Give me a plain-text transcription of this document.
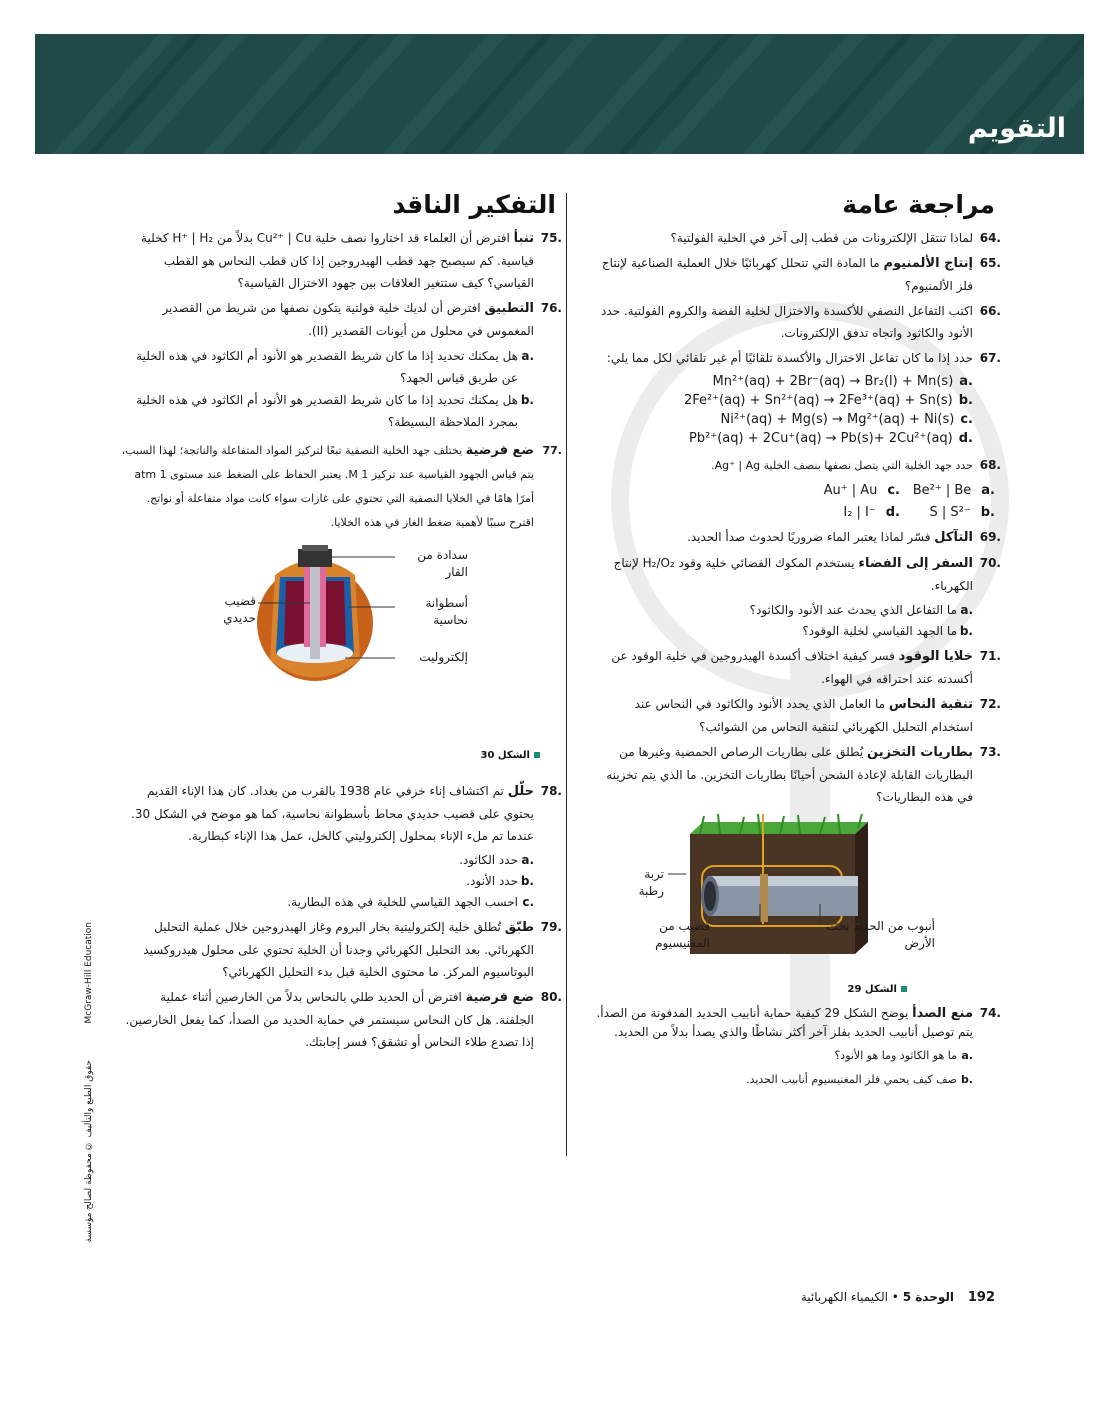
التقويم
مراجعة عامة
64.
لماذا تنتقل الإلكترونات من قطب إلى آخر في الخلية الفولتية؟
65.
إنتاج الألمنيوم ما المادة التي تتحلل كهربائيًا خلال العملية الصناعية لإنتاج فلز الألمنيوم؟
66.
اكتب التفاعل النصفي للأكسدة والاختزال لخلية الفضة والكروم الفولتية. حدد الأنود والكاثود واتجاه تدفق الإلكترونات.
67.
حدد إذا ما كان تفاعل الاختزال والأكسدة تلقائيًا أم غير تلقائي لكل مما يلي:
Mn²⁺(aq) + 2Br⁻(aq) → Br₂(l) + Mn(s) a.
2Fe²⁺(aq) + Sn²⁺(aq) → 2Fe³⁺(aq) + Sn(s) b.
Ni²⁺(aq) + Mg(s) → Mg²⁺(aq) + Ni(s) c.
Pb²⁺(aq) + 2Cu⁺(aq) → Pb(s)+ 2Cu²⁺(aq) d.
68.
حدد جهد الخلية التي يتصل نصفها بنصف الخلية Ag⁺ | Ag.
Au⁺ | Au c. Be²⁺ | Be a.
I₂ | I⁻ d.	S | S²⁻ b.
69.
التآكل فسّر لماذا يعتبر الماء ضروريًا لحدوث صدأ الحديد.
70.
السفر إلى الفضاء يستخدم المكوك الفضائي خلية وقود H₂/O₂ لإنتاج الكهرباء.
a.
ما التفاعل الذي يحدث عند الأنود والكاثود؟
b.
ما الجهد القياسي لخلية الوقود؟
71.
خلايا الوقود فسر كيفية اختلاف أكسدة الهيدروجين في خلية الوقود عن أكسدته عند احتراقه في الهواء.
72.
تنقية النحاس ما العامل الذي يحدد الأنود والكاثود في النحاس عند استخدام التحليل الكهربائي لتنقية النحاس من الشوائب؟
73.
بطاريات التخزين يُطلق على بطاريات الرصاص الحمضية وغيرها من البطاريات القابلة لإعادة الشحن أحيانًا بطاريات التخزين. ما الذي يتم تخزينه في هذه البطاريات؟
تربة رطبة
قضيب من المغنيسيوم
أنبوب من الحديد تحت الأرض
الشكل 29
74.
منع الصدأ يوضح الشكل 29 كيفية حماية أنابيب الحديد المدفونة من الصدأ. يتم توصيل أنابيب الحديد بفلز آخر أكثر نشاطًا والذي يصدأ بدلاً من الحديد.
a.
ما هو الكاثود وما هو الأنود؟
b.
صف كيف يحمي فلز المغنيسيوم أنابيب الحديد.
التفكير الناقد
75.
تنبأ افترض أن العلماء قد اختاروا نصف خلية Cu²⁺ | Cu بدلاً من H⁺ | H₂ كخلية قياسية. كم سيصبح جهد قطب الهيدروجين إذا كان قطب النحاس هو القطب القياسي؟ كيف ستتغير العلاقات بين جهود الاختزال القياسية؟
76.
التطبيق افترض أن لديك خلية فولتية يتكون نصفها من شريط من القصدير المغموس في محلول من أيونات القصدير (II).
a.
هل يمكنك تحديد إذا ما كان شريط القصدير هو الأنود أم الكاثود في هذه الخلية عن طريق قياس الجهد؟
b.
هل يمكنك تحديد إذا ما كان شريط القصدير هو الأنود أم الكاثود في هذه الخلية بمجرد الملاحظة البسيطة؟
77.
ضع فرضية يختلف جهد الخلية النصفية تبعًا لتركيز المواد المتفاعلة والناتجة؛ لهذا السبب، يتم قياس الجهود القياسية عند تركيز 1 M. يعتبر الحفاظ على الضغط عند مستوى 1 atm أمرًا هامًا في الخلايا النصفية التي تحتوي على غازات سواء كانت مواد متفاعلة أو نواتج. اقترح سببًا لأهمية ضغط الغاز في هذه الخلايا.
سدادة من القار
أسطوانة نحاسية
إلكتروليت
قضيب حديدي
الشكل 30
78.
حلّل تم اكتشاف إناء خزفي عام 1938 بالقرب من بغداد. كان هذا الإناء القديم يحتوي على قضيب حديدي محاط بأسطوانة نحاسية، كما هو موضح في الشكل 30. عندما تم ملء الإناء بمحلول إلكتروليتي كالخل، عمل هذا الإناء كبطارية.
a.
حدد الكاثود.
b.
حدد الأنود.
c.
احسب الجهد القياسي للخلية في هذه البطارية.
79.
طبّق تُطلق خلية إلكتروليتية بخار البروم وغاز الهيدروجين خلال عملية التحليل الكهربائي. بعد التحليل الكهربائي وجدنا أن الخلية تحتوي على محلول هيدروكسيد البوتاسيوم المركز. ما محتوى الخلية قبل بدء التحليل الكهربائي؟
80.
ضع فرضية افترض أن الحديد طلي بالنحاس بدلاً من الخارصين أثناء عملية الجلفنة. هل كان النحاس سيستمر في حماية الحديد من الصدأ، كما يفعل الخارصين. إذا تصدع طلاء النحاس أو تشقق؟ فسر إجابتك.
McGraw-Hill Education
حقوق الطبع والتأليف © محفوظة لصالح مؤسسة
192 الوحدة 5 • الكيمياء الكهربائية
